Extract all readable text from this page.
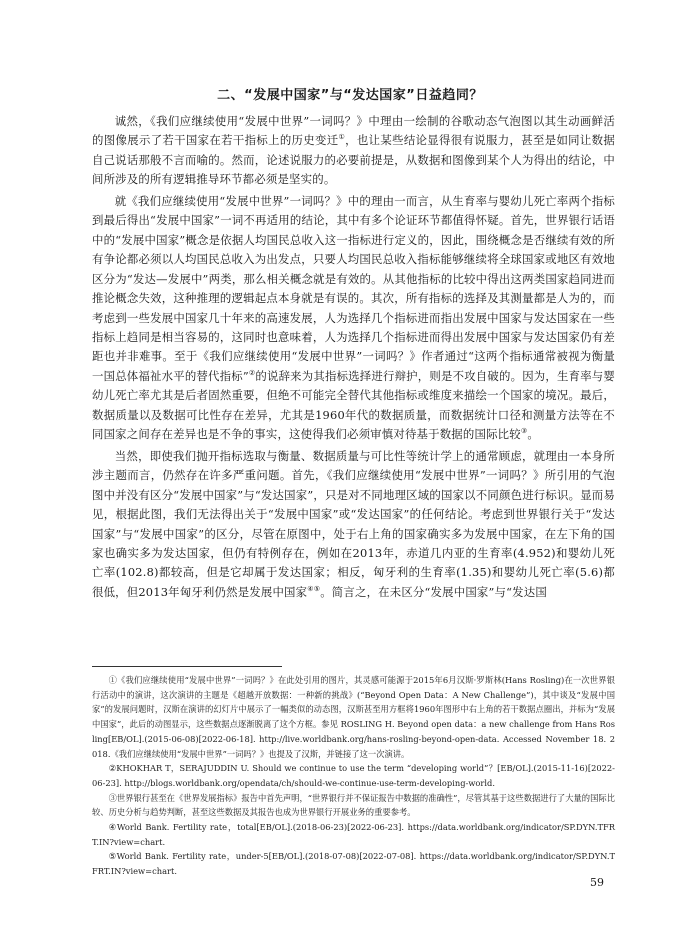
二、“发展中国家”与“发达国家”日益趋同？

诚然，《我们应继续使用“发展中世界”一词吗？》中理由一绘制的谷歌动态气泡图以其生动画鲜活的图像展示了若干国家在若干指标上的历史变迁①，也让某些结论显得很有说服力，甚至是如同让数据自己说话那般不言而喻的。然而，论述说服力的必要前提是，从数据和图像到某个人为得出的结论，中间所涉及的所有逻辑推导环节都必须是坚实的。

就《我们应继续使用“发展中世界”一词吗？》中的理由一而言，从生育率与婴幼儿死亡率两个指标到最后得出“发展中国家”一词不再适用的结论，其中有多个论证环节都值得怀疑。首先，世界银行话语中的“发展中国家”概念是依据人均国民总收入这一指标进行定义的，因此，围绕概念是否继续有效的所有争论都必须以人均国民总收入为出发点，只要人均国民总收入指标能够继续将全球国家或地区有效地区分为“发达—发展中”两类，那么相关概念就是有效的。从其他指标的比较中得出这两类国家趋同进而推论概念失效，这种推理的逻辑起点本身就是有误的。其次，所有指标的选择及其测量都是人为的，而考虑到一些发展中国家几十年来的高速发展，人为选择几个指标进而指出发展中国家与发达国家在一些指标上趋同是相当容易的，这同时也意味着，人为选择几个指标进而得出发展中国家与发达国家仍有差距也并非难事。至于《我们应继续使用“发展中世界”一词吗？》作者通过“这两个指标通常被视为衡量一国总体福祉水平的替代指标”②的说辞来为其指标选择进行辩护，则是不攻自破的。因为，生育率与婴幼儿死亡率尤其是后者固然重要，但绝不可能完全替代其他指标或维度来描绘一个国家的境况。最后，数据质量以及数据可比性存在差异，尤其是1960年代的数据质量，而数据统计口径和测量方法等在不同国家之间存在差异也是不争的事实，这使得我们必须审慎对待基于数据的国际比较③。

当然，即使我们抛开指标选取与衡量、数据质量与可比性等统计学上的通常顾虑，就理由一本身所涉主题而言，仍然存在许多严重问题。首先，《我们应继续使用“发展中世界”一词吗？》所引用的气泡图中并没有区分“发展中国家”与“发达国家”，只是对不同地理区域的国家以不同颜色进行标识。显而易见，根据此图，我们无法得出关于“发展中国家”或“发达国家”的任何结论。考虑到世界银行关于“发达国家”与“发展中国家”的区分，尽管在原图中，处于右上角的国家确实多为发展中国家，在左下角的国家也确实多为发达国家，但仍有特例存在，例如在2013年，赤道几内亚的生育率(4.952)和婴幼儿死亡率(102.8)都较高，但是它却属于发达国家；相反，匈牙利的生育率(1.35)和婴幼儿死亡率(5.6)都很低，但2013年匈牙利仍然是发展中国家④⑤。简言之，在未区分“发展中国家”与“发达国

①《我们应继续使用“发展中世界”一词吗？》在此处引用的图片，其灵感可能源于2015年6月汉斯·罗斯林(Hans Rosling)在一次世界银行活动中的演讲，这次演讲的主题是《超越开放数据：一种新的挑战》(“Beyond Open Data：A New Challenge”)，其中谈及“发展中国家”的发展问题时，汉斯在演讲的幻灯片中展示了一幅类似的动态图，汉斯甚至用方框将1960年图形中右上角的若干数据点圈出，并标为“发展中国家”，此后的动图显示，这些数据点逐渐脱离了这个方框。参见 ROSLING H. Beyond open data：a new challenge from Hans Rosling[EB/OL].(2015-06-08)[2022-06-18]. http://live.worldbank.org/hans-rosling-beyond-open-data. Accessed November 18. 2018.《我们应继续使用“发展中世界”一词吗？》也提及了汉斯，并链接了这一次演讲。

②KHOKHAR T，SERAJUDDIN U. Should we continue to use the term “developing world”？[EB/OL].(2015-11-16)[2022-06-23]. http://blogs.worldbank.org/opendata/ch/should-we-continue-use-term-developing-world.

③世界银行甚至在《世界发展指标》报告中首先声明，“世界银行并不保证报告中数据的准确性”，尽管其基于这些数据进行了大量的国际比较、历史分析与趋势判断，甚至这些数据及其报告也成为世界银行开展业务的重要参考。

④World Bank. Fertility rate，total[EB/OL].(2018-06-23)[2022-06-23]. https://data.worldbank.org/indicator/SP.DYN.TFRT.IN?view=chart.

⑤World Bank. Fertility rate，under-5[EB/OL].(2018-07-08)[2022-07-08]. https://data.worldbank.org/indicator/SP.DYN.TFRT.IN?view=chart.

59
